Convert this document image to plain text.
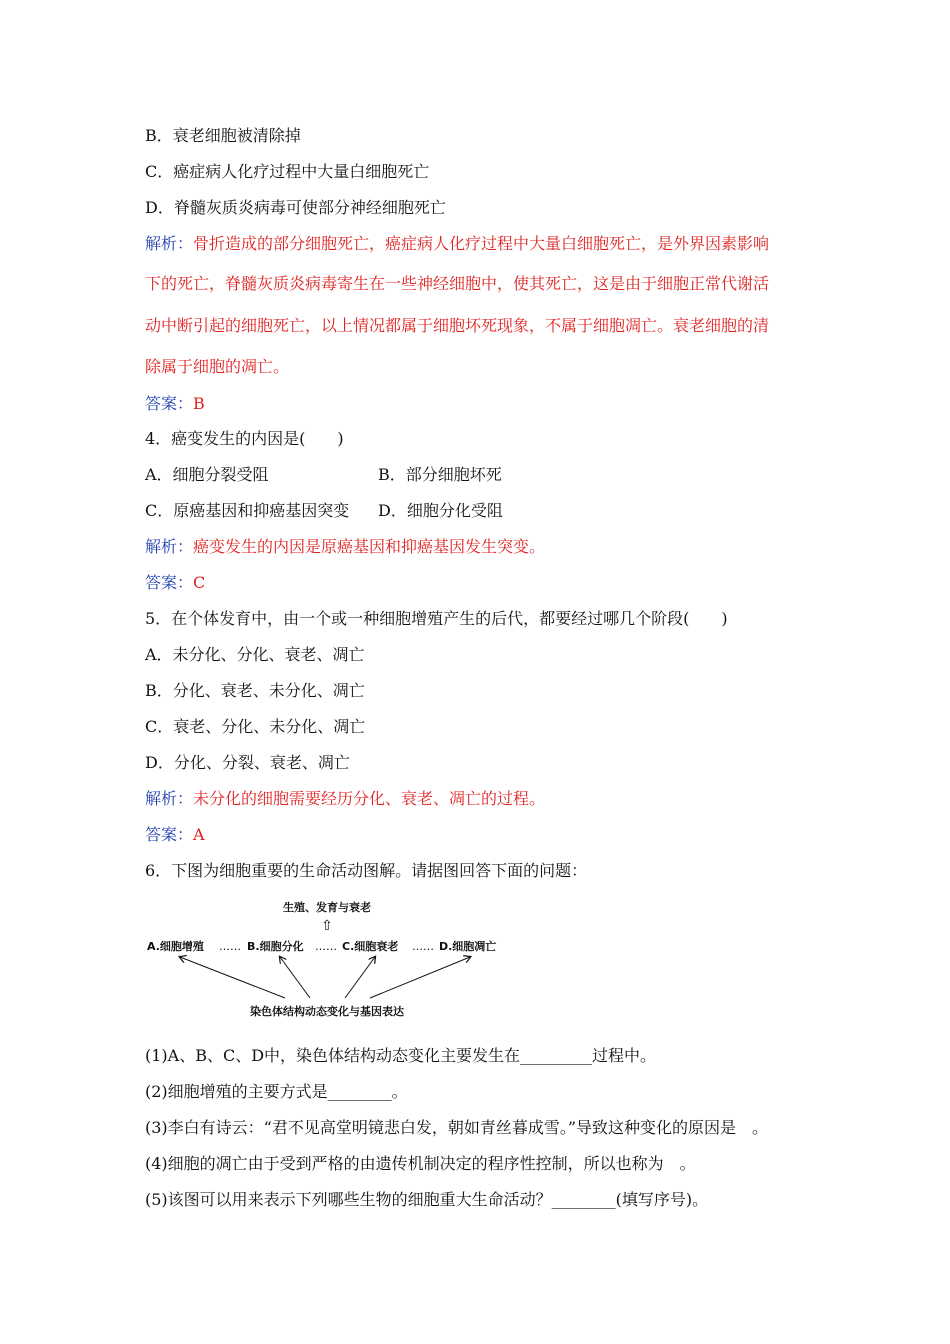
B．衰老细胞被清除掉
C．癌症病人化疗过程中大量白细胞死亡
D．脊髓灰质炎病毒可使部分神经细胞死亡
解析：骨折造成的部分细胞死亡，癌症病人化疗过程中大量白细胞死亡，是外界因素影响
下的死亡，脊髓灰质炎病毒寄生在一些神经细胞中，使其死亡，这是由于细胞正常代谢活
动中断引起的细胞死亡，以上情况都属于细胞坏死现象，不属于细胞凋亡。衰老细胞的清
除属于细胞的凋亡。
答案：B
4．癌变发生的内因是(　　)
A．细胞分裂受阻	B．部分细胞坏死
C．原癌基因和抑癌基因突变 D．细胞分化受阻
解析：癌变发生的内因是原癌基因和抑癌基因发生突变。
答案：C
5．在个体发育中，由一个或一种细胞增殖产生的后代，都要经过哪几个阶段(　　)
A．未分化、分化、衰老、凋亡
B．分化、衰老、未分化、凋亡
C．衰老、分化、未分化、凋亡
D．分化、分裂、衰老、凋亡
解析：未分化的细胞需要经历分化、衰老、凋亡的过程。
答案：A
6．下图为细胞重要的生命活动图解。请据图回答下面的问题：
生殖、发育与衰老
⇧
A.细胞增殖 …… B.细胞分化 …… C.细胞衰老 …… D.细胞凋亡
染色体结构动态变化与基因表达
(1)A、B、C、D中，染色体结构动态变化主要发生在_________过程中。
(2)细胞增殖的主要方式是________。
(3)李白有诗云：“君不见高堂明镜悲白发，朝如青丝暮成雪。”导致这种变化的原因是　。
(4)细胞的凋亡由于受到严格的由遗传机制决定的程序性控制，所以也称为　。
(5)该图可以用来表示下列哪些生物的细胞重大生命活动？________(填写序号)。
